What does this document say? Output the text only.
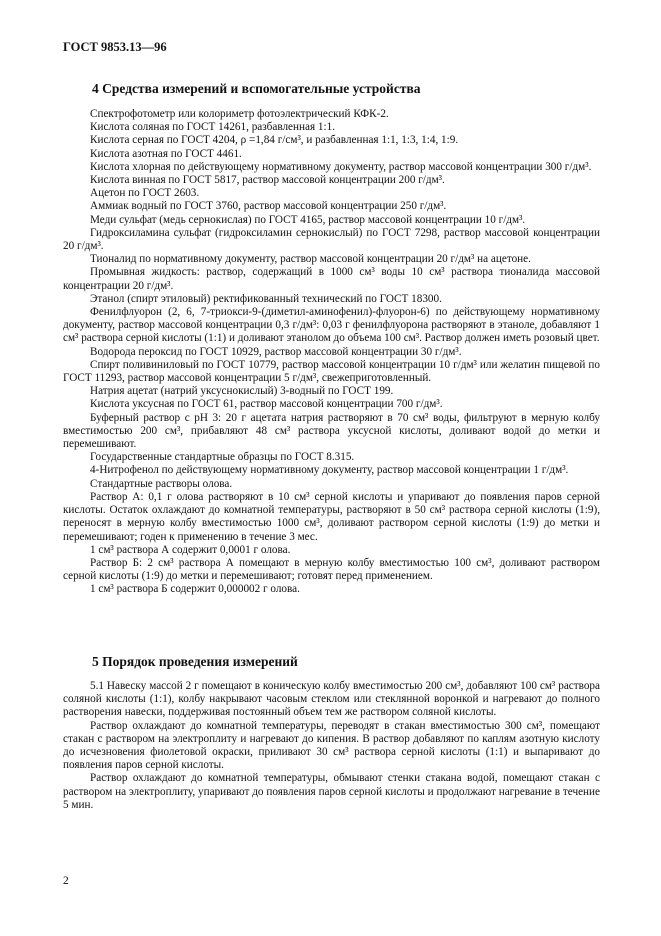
ГОСТ 9853.13—96
4 Средства измерений и вспомогательные устройства

Спектрофотометр или колориметр фотоэлектрический КФК-2.

Кислота соляная по ГОСТ 14261, разбавленная 1:1.

Кислота серная по ГОСТ 4204, ρ =1,84 г/см³, и разбавленная 1:1, 1:3, 1:4, 1:9.

Кислота азотная по ГОСТ 4461.

Кислота хлорная по действующему нормативному документу, раствор массовой концентрации 300 г/дм³.

Кислота винная по ГОСТ 5817, раствор массовой концентрации 200 г/дм³.

Ацетон по ГОСТ 2603.

Аммиак водный по ГОСТ 3760, раствор массовой концентрации 250 г/дм³.

Меди сульфат (медь сернокислая) по ГОСТ 4165, раствор массовой концентрации 10 г/дм³.

Гидроксиламина сульфат (гидроксиламин сернокислый) по ГОСТ 7298, раствор массовой концентрации 20 г/дм³.

Тионалид по нормативному документу, раствор массовой концентрации 20 г/дм³ на ацетоне.

Промывная жидкость: раствор, содержащий в 1000 см³ воды 10 см³ раствора тионалида массовой концентрации 20 г/дм³.

Этанол (спирт этиловый) ректификованный технический по ГОСТ 18300.

Фенилфлуорон (2, 6, 7-триокси-9-(диметил-аминофенил)-флуорон-6) по действующему нормативному документу, раствор массовой концентрации 0,3 г/дм³: 0,03 г фенилфлуорона растворяют в этаноле, добавляют 1 см³ раствора серной кислоты (1:1) и доливают этанолом до объема 100 см³. Раствор должен иметь розовый цвет.

Водорода пероксид по ГОСТ 10929, раствор массовой концентрации 30 г/дм³.

Спирт поливиниловый по ГОСТ 10779, раствор массовой концентрации 10 г/дм³ или желатин пищевой по ГОСТ 11293, раствор массовой концентрации 5 г/дм³, свежеприготовленный.

Натрия ацетат (натрий уксуснокислый) 3-водный по ГОСТ 199.

Кислота уксусная по ГОСТ 61, раствор массовой концентрации 700 г/дм³.

Буферный раствор с pH 3: 20 г ацетата натрия растворяют в 70 см³ воды, фильтруют в мерную колбу вместимостью 200 см³, прибавляют 48 см³ раствора уксусной кислоты, доливают водой до метки и перемешивают.

Государственные стандартные образцы по ГОСТ 8.315.

4-Нитрофенол по действующему нормативному документу, раствор массовой концентрации 1 г/дм³.

Стандартные растворы олова.

Раствор А: 0,1 г олова растворяют в 10 см³ серной кислоты и упаривают до появления паров серной кислоты. Остаток охлаждают до комнатной температуры, растворяют в 50 см³ раствора серной кислоты (1:9), переносят в мерную колбу вместимостью 1000 см³, доливают раствором серной кислоты (1:9) до метки и перемешивают; годен к применению в течение 3 мес.

1 см³ раствора А содержит 0,0001 г олова.

Раствор Б: 2 см³ раствора А помещают в мерную колбу вместимостью 100 см³, доливают раствором серной кислоты (1:9) до метки и перемешивают; готовят перед применением.

1 см³ раствора Б содержит 0,000002 г олова.

5 Порядок проведения измерений

5.1 Навеску массой 2 г помещают в коническую колбу вместимостью 200 см³, добавляют 100 см³ раствора соляной кислоты (1:1), колбу накрывают часовым стеклом или стеклянной воронкой и нагревают до полного растворения навески, поддерживая постоянный объем тем же раствором соляной кислоты.

Раствор охлаждают до комнатной температуры, переводят в стакан вместимостью 300 см³, помещают стакан с раствором на электроплиту и нагревают до кипения. В раствор добавляют по каплям азотную кислоту до исчезновения фиолетовой окраски, приливают 30 см³ раствора серной кислоты (1:1) и выпаривают до появления паров серной кислоты.

Раствор охлаждают до комнатной температуры, обмывают стенки стакана водой, помещают стакан с раствором на электроплиту, упаривают до появления паров серной кислоты и продолжают нагревание в течение 5 мин.

2
